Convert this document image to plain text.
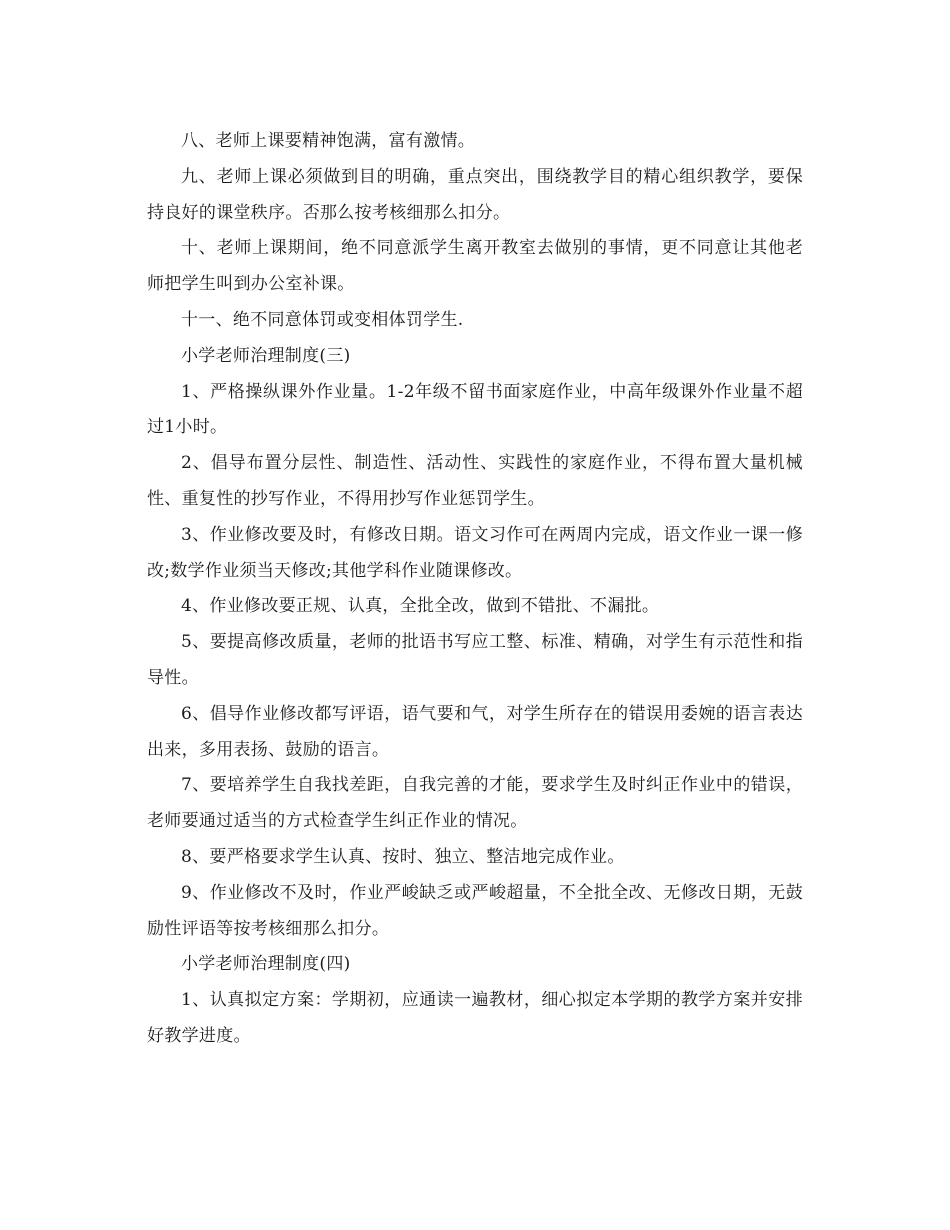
八、老师上课要精神饱满，富有激情。

九、老师上课必须做到目的明确，重点突出，围绕教学目的精心组织教学，要保持良好的课堂秩序。否那么按考核细那么扣分。

十、老师上课期间，绝不同意派学生离开教室去做别的事情，更不同意让其他老师把学生叫到办公室补课。

十一、绝不同意体罚或变相体罚学生.

小学老师治理制度(三)

1、严格操纵课外作业量。1-2年级不留书面家庭作业，中高年级课外作业量不超过1小时。

2、倡导布置分层性、制造性、活动性、实践性的家庭作业，不得布置大量机械性、重复性的抄写作业，不得用抄写作业惩罚学生。

3、作业修改要及时，有修改日期。语文习作可在两周内完成，语文作业一课一修改;数学作业须当天修改;其他学科作业随课修改。

4、作业修改要正规、认真，全批全改，做到不错批、不漏批。

5、要提高修改质量，老师的批语书写应工整、标准、精确，对学生有示范性和指导性。

6、倡导作业修改都写评语，语气要和气，对学生所存在的错误用委婉的语言表达出来，多用表扬、鼓励的语言。

7、要培养学生自我找差距，自我完善的才能，要求学生及时纠正作业中的错误，老师要通过适当的方式检查学生纠正作业的情况。

8、要严格要求学生认真、按时、独立、整洁地完成作业。

9、作业修改不及时，作业严峻缺乏或严峻超量，不全批全改、无修改日期，无鼓励性评语等按考核细那么扣分。

小学老师治理制度(四)

1、认真拟定方案：学期初，应通读一遍教材，细心拟定本学期的教学方案并安排好教学进度。
